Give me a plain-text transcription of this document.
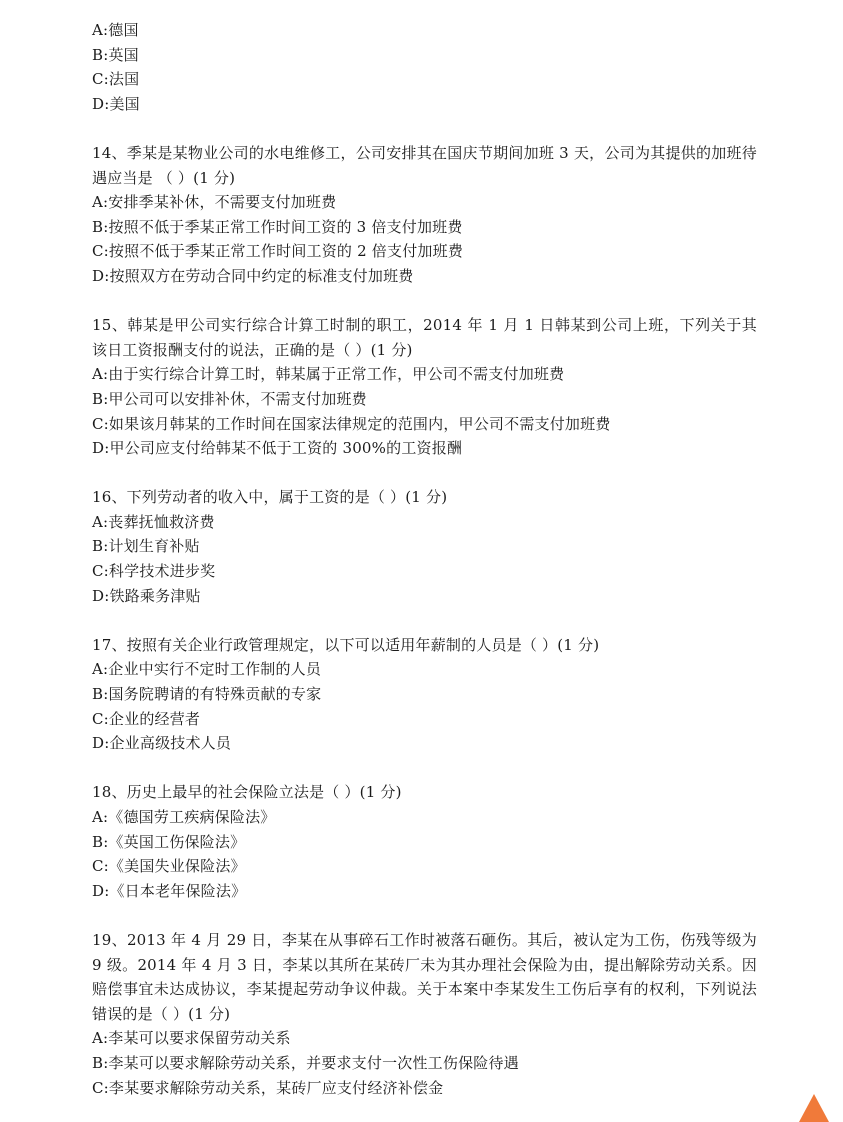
A:德国

B:英国

C:法国

D:美国

14、季某是某物业公司的水电维修工，公司安排其在国庆节期间加班 3 天，公司为其提供的加班待遇应当是 （ ）(1 分)

A:安排季某补休，不需要支付加班费

B:按照不低于季某正常工作时间工资的 3 倍支付加班费

C:按照不低于季某正常工作时间工资的 2 倍支付加班费

D:按照双方在劳动合同中约定的标准支付加班费

15、韩某是甲公司实行综合计算工时制的职工，2014 年 1 月 1 日韩某到公司上班，下列关于其该日工资报酬支付的说法，正确的是（ ）(1 分)

A:由于实行综合计算工时，韩某属于正常工作，甲公司不需支付加班费

B:甲公司可以安排补休，不需支付加班费

C:如果该月韩某的工作时间在国家法律规定的范围内，甲公司不需支付加班费

D:甲公司应支付给韩某不低于工资的 300%的工资报酬

16、下列劳动者的收入中，属于工资的是（ ）(1 分)

A:丧葬抚恤救济费

B:计划生育补贴

C:科学技术进步奖

D:铁路乘务津贴

17、按照有关企业行政管理规定，以下可以适用年薪制的人员是（ ）(1 分)

A:企业中实行不定时工作制的人员

B:国务院聘请的有特殊贡献的专家

C:企业的经营者

D:企业高级技术人员

18、历史上最早的社会保险立法是（ ）(1 分)

A:《德国劳工疾病保险法》

B:《英国工伤保险法》

C:《美国失业保险法》

D:《日本老年保险法》

19、2013 年 4 月 29 日，李某在从事碎石工作时被落石砸伤。其后，被认定为工伤，伤残等级为 9 级。2014 年 4 月 3 日，李某以其所在某砖厂未为其办理社会保险为由，提出解除劳动关系。因赔偿事宜未达成协议，李某提起劳动争议仲裁。关于本案中李某发生工伤后享有的权利，下列说法错误的是（ ）(1 分)

A:李某可以要求保留劳动关系

B:李某可以要求解除劳动关系，并要求支付一次性工伤保险待遇

C:李某要求解除劳动关系，某砖厂应支付经济补偿金
